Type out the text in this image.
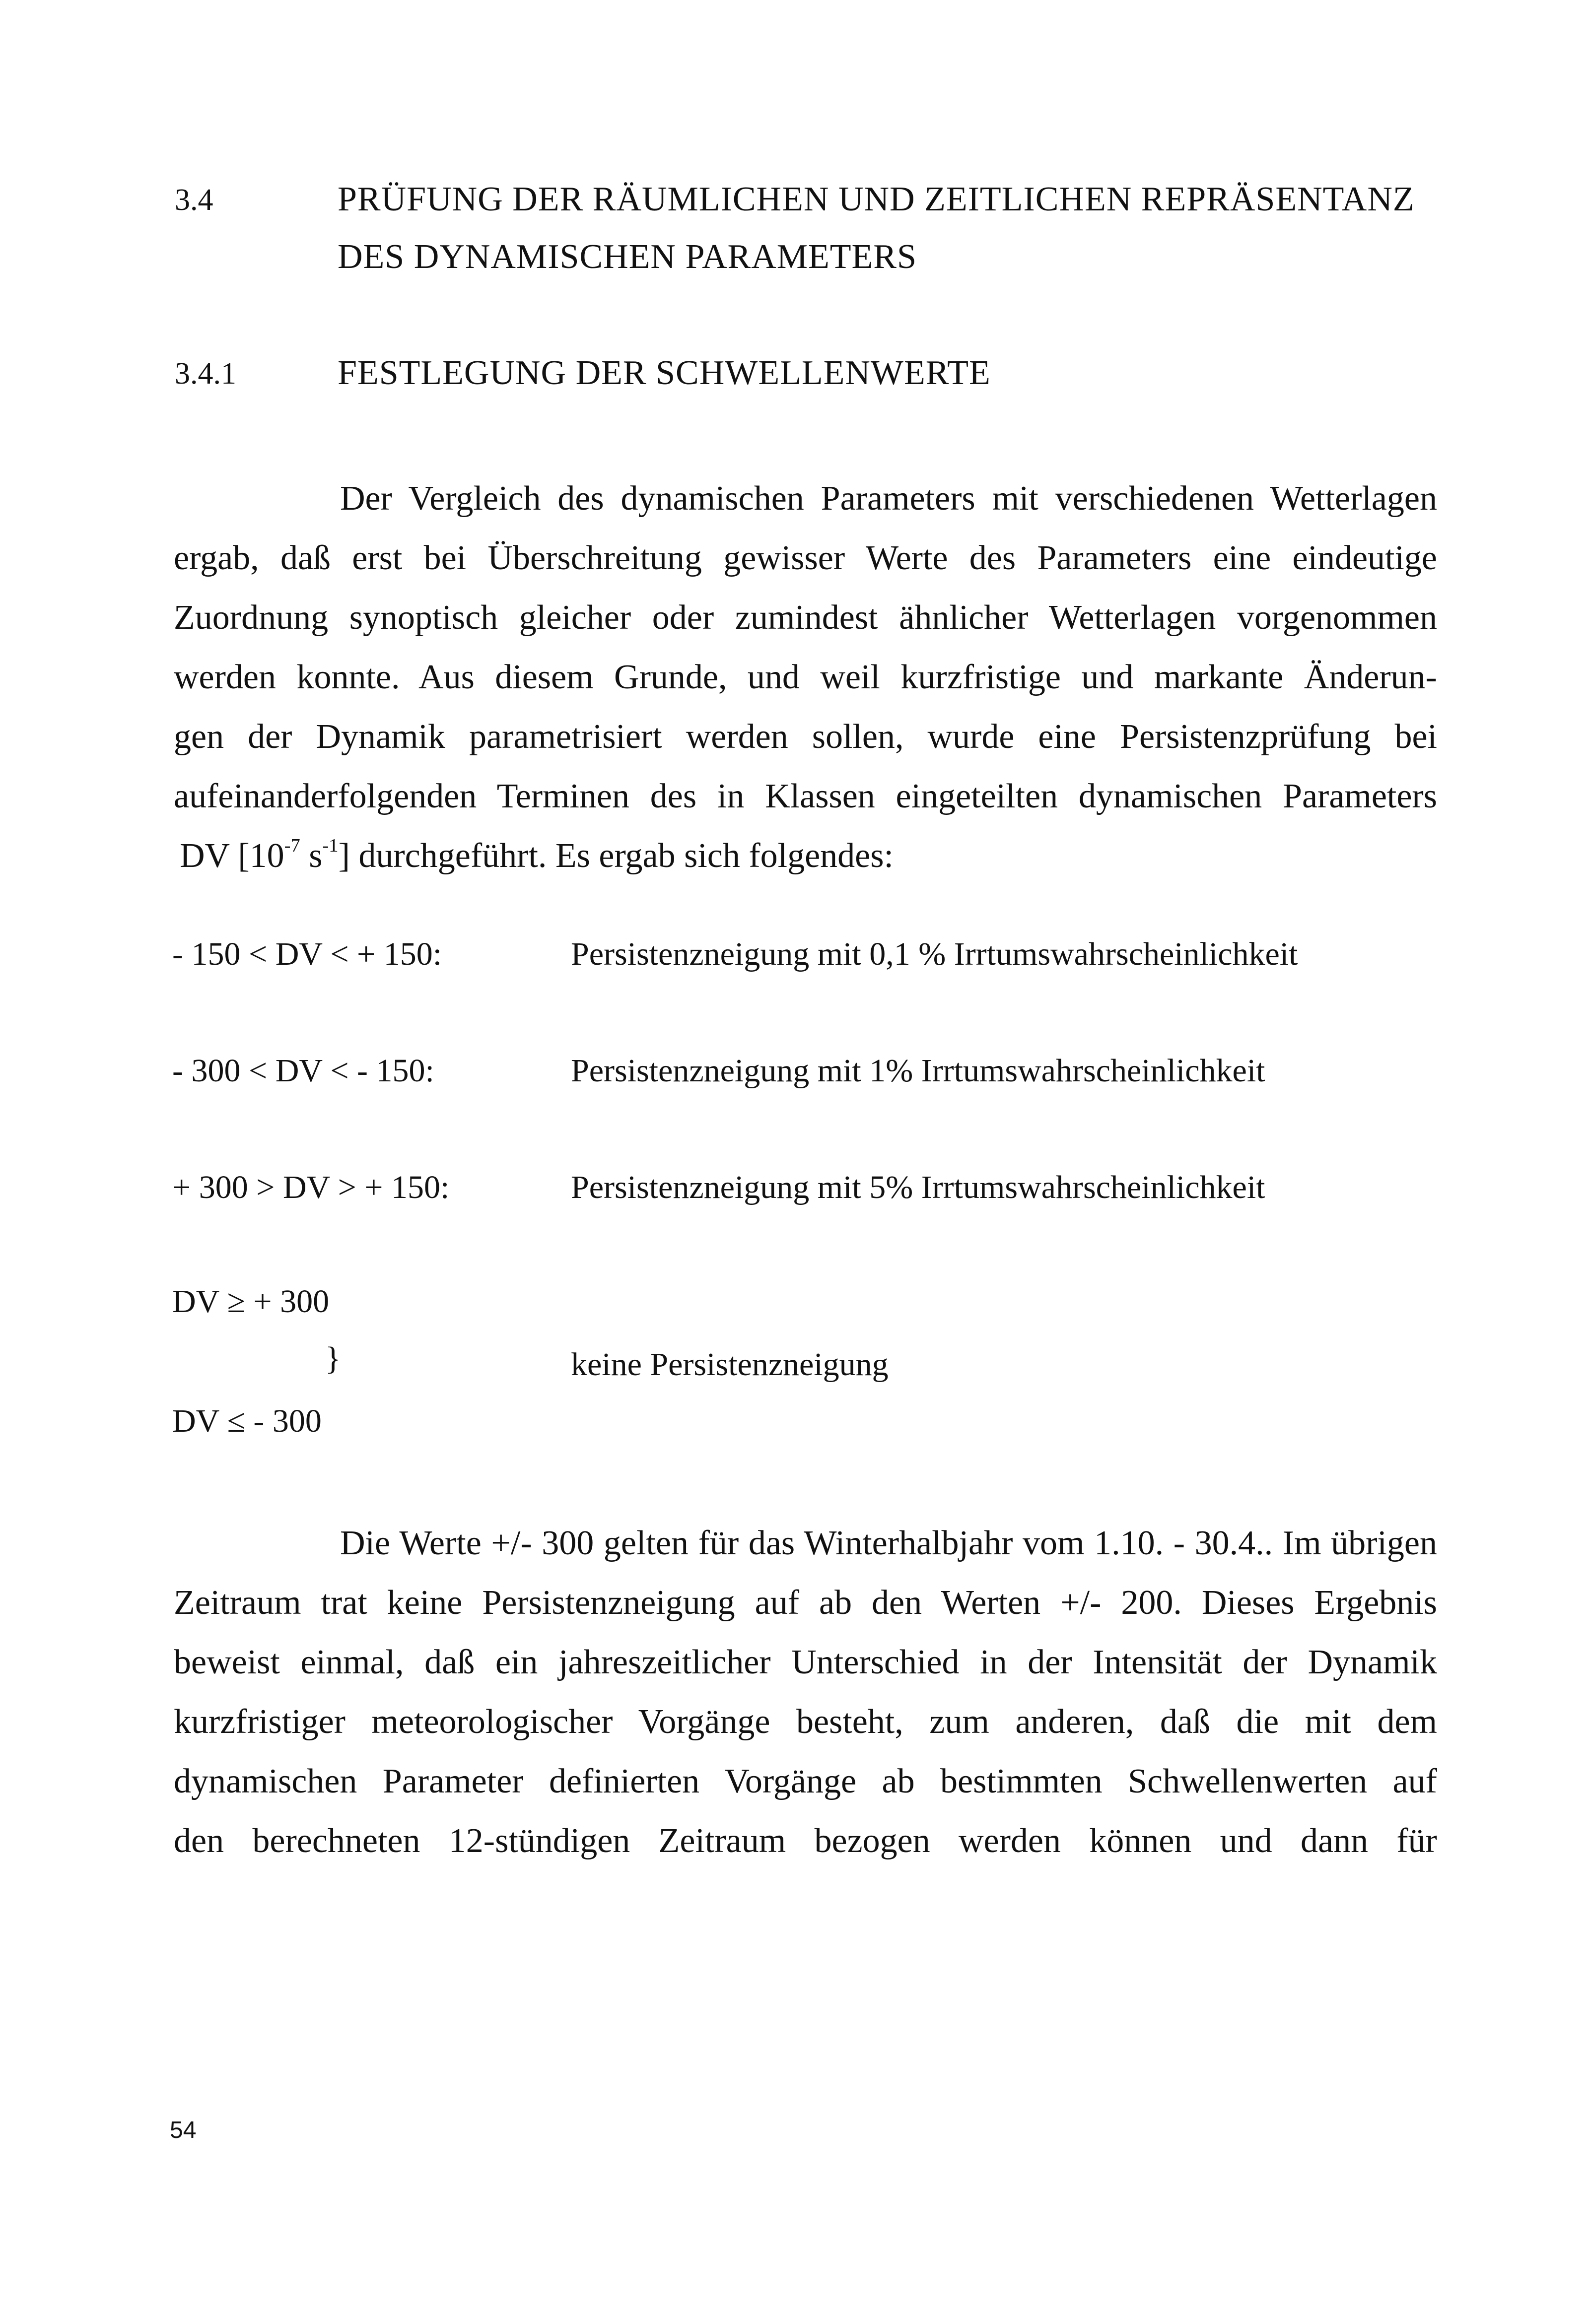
3.4	PRÜFUNG DER RÄUMLICHEN UND ZEITLICHEN REPRÄSENTANZ
DES DYNAMISCHEN PARAMETERS
3.4.1	FESTLEGUNG DER SCHWELLENWERTE
Der Vergleich des dynamischen Parameters mit verschiedenen Wetterlagen
ergab, daß erst bei Überschreitung gewisser Werte des Parameters eine eindeutige
Zuordnung synoptisch gleicher oder zumindest ähnlicher Wetterlagen vorgenommen
werden konnte. Aus diesem Grunde, und weil kurzfristige und markante Änderun-
gen der Dynamik parametrisiert werden sollen, wurde eine Persistenzprüfung bei
aufeinanderfolgenden Terminen des in Klassen eingeteilten dynamischen Parameters
DV [$10^{-7}$ $s^{-1}$] durchgeführt. Es ergab sich folgendes:
- 150 < DV < + 150:	Persistenzneigung mit 0,1 % Irrtumswahrscheinlichkeit
- 300 < DV < - 150:	Persistenzneigung mit 1% Irrtumswahrscheinlichkeit
+ 300 > DV > + 150:	Persistenzneigung mit 5% Irrtumswahrscheinlichkeit
DV ≥ + 300
}	keine Persistenzneigung
DV ≤ - 300
Die Werte +/- 300 gelten für das Winterhalbjahr vom 1.10. - 30.4.. Im übrigen
Zeitraum trat keine Persistenzneigung auf ab den Werten +/- 200. Dieses Ergebnis
beweist einmal, daß ein jahreszeitlicher Unterschied in der Intensität der Dynamik
kurzfristiger meteorologischer Vorgänge besteht, zum anderen, daß die mit dem
dynamischen Parameter definierten Vorgänge ab bestimmten Schwellenwerten auf
den berechneten 12-stündigen Zeitraum bezogen werden können und dann für
54
